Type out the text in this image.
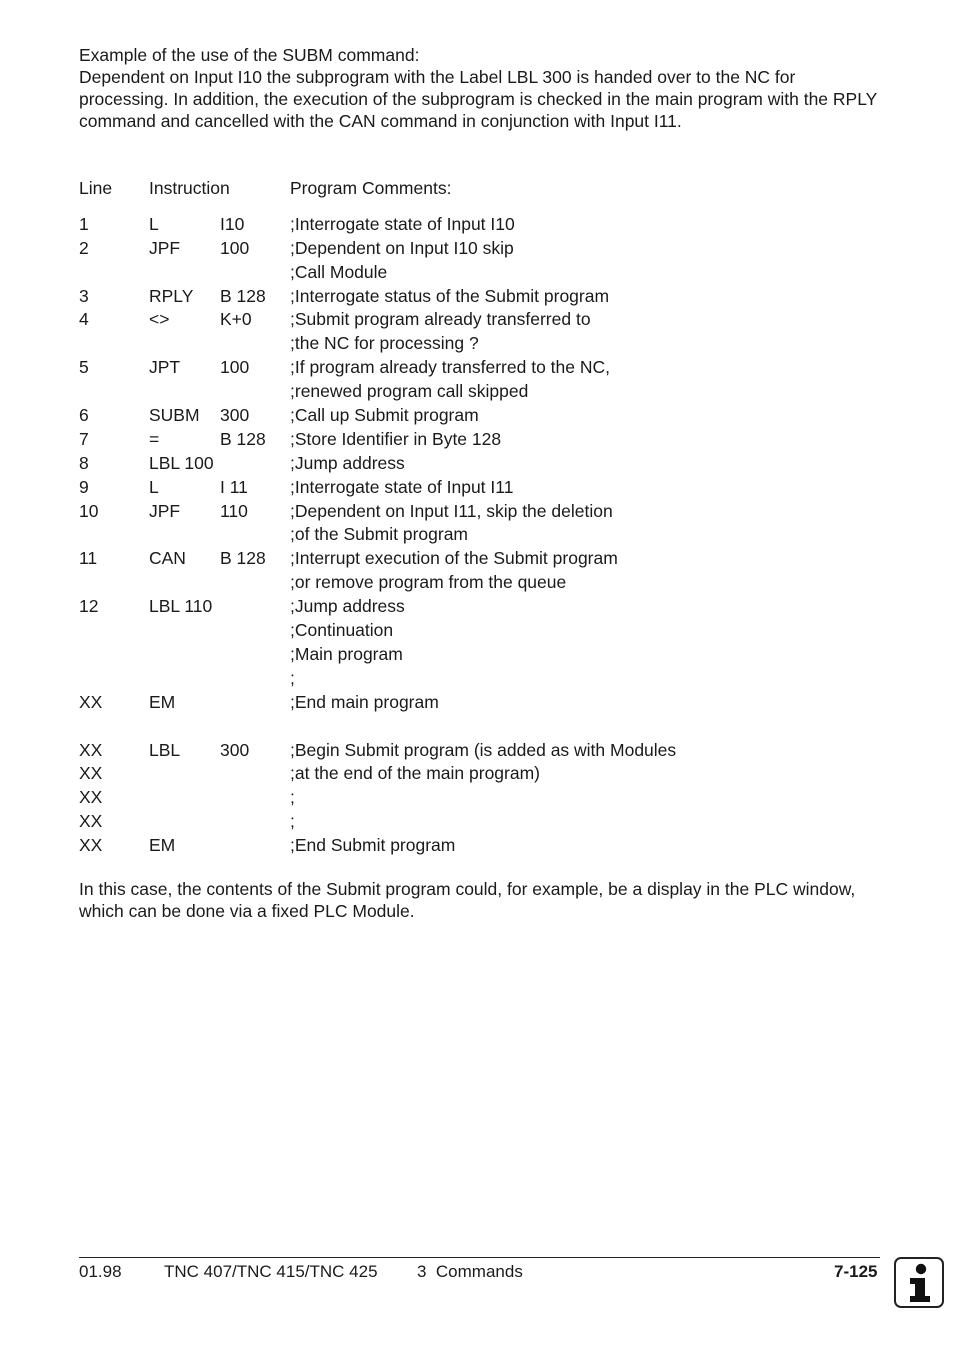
Example of the use of the SUBM command:

Dependent on Input I10 the subprogram with the Label LBL 300 is handed over to the NC for processing. In addition, the execution of the subprogram is checked in the main program with the RPLY command and cancelled with the CAN command in conjunction with Input I11.

Line Instruction	Program Comments:
1	L	I10	;Interrogate state of Input I10
2	JPF 100 ;Dependent on Input I10 skip
;Call Module
3	RPLY B 128 ;Interrogate status of the Submit program
4	<>	K+0 ;Submit program already transferred to
;the NC for processing ?
5	JPT 100 ;If program already transferred to the NC,
;renewed program call skipped
6	SUBM 300 ;Call up Submit program
7	=	B 128 ;Store Identifier in Byte 128
8	LBL 100	;Jump address
9	L	I 11 ;Interrogate state of Input I11
10	JPF 110 ;Dependent on Input I11, skip the deletion
;of the Submit program
11	CAN B 128 ;Interrupt execution of the Submit program
;or remove program from the queue
12	LBL 110	;Jump address
;Continuation
;Main program
;
XX	EM	;End main program
XX	LBL 300 ;Begin Submit program (is added as with Modules
XX	;at the end of the main program)
XX	;
XX	;
XX	EM	;End Submit program

In this case, the contents of the Submit program could, for example, be a display in the PLC window, which can be done via a fixed PLC Module.

01.98 TNC 407/TNC 415/TNC 425 3  Commands	7-125
